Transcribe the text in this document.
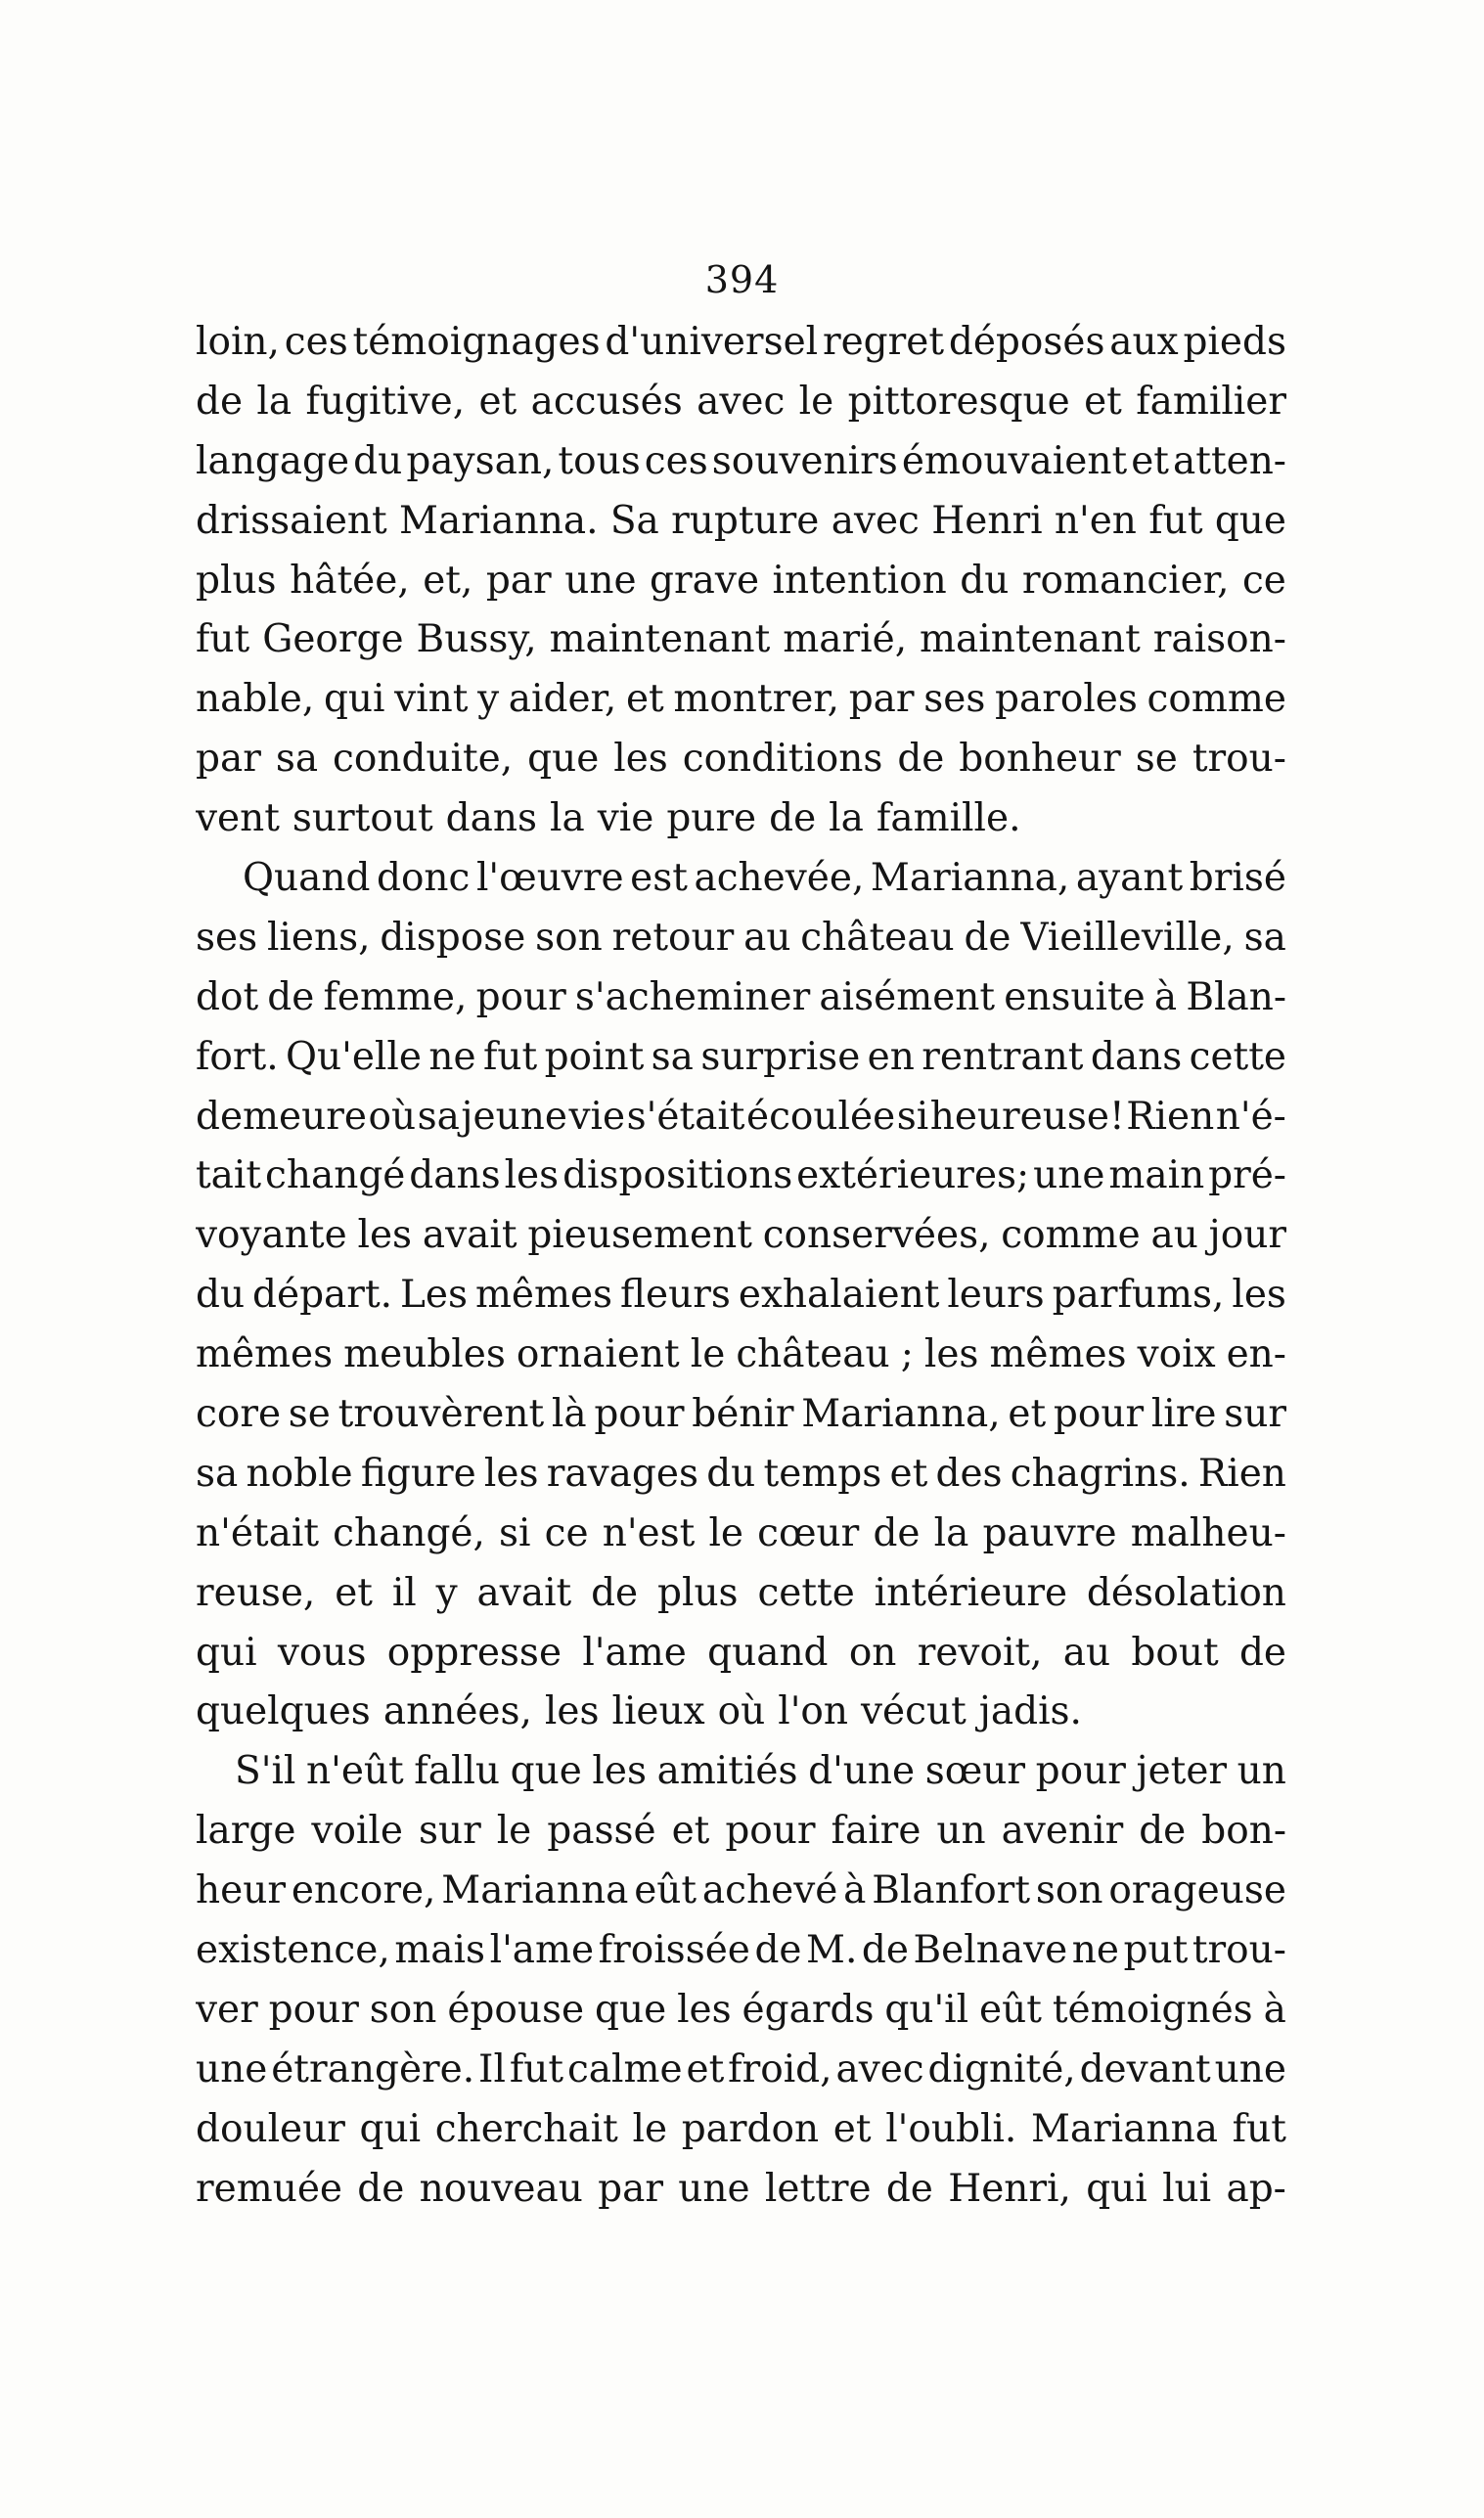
394
loin, ces témoignages d'universel regret déposés aux pieds
de la fugitive, et accusés avec le pittoresque et familier
langage du paysan, tous ces souvenirs émouvaient et atten-
drissaient Marianna. Sa rupture avec Henri n'en fut que
plus hâtée, et, par une grave intention du romancier, ce
fut George Bussy, maintenant marié, maintenant raison-
nable, qui vint y aider, et montrer, par ses paroles comme
par sa conduite, que les conditions de bonheur se trou-
vent surtout dans la vie pure de la famille.
Quand donc l'œuvre est achevée, Marianna, ayant brisé
ses liens, dispose son retour au château de Vieilleville, sa
dot de femme, pour s'acheminer aisément ensuite à Blan-
fort. Qu'elle ne fut point sa surprise en rentrant dans cette
demeure où sa jeune vie s'était écoulée si heureuse! Rien n'é-
tait changé dans les dispositions extérieures; une main pré-
voyante les avait pieusement conservées, comme au jour
du départ. Les mêmes fleurs exhalaient leurs parfums, les
mêmes meubles ornaient le château ; les mêmes voix en-
core se trouvèrent là pour bénir Marianna, et pour lire sur
sa noble figure les ravages du temps et des chagrins. Rien
n'était changé, si ce n'est le cœur de la pauvre malheu-
reuse, et il y avait de plus cette intérieure désolation
qui vous oppresse l'ame quand on revoit, au bout de
quelques années, les lieux où l'on vécut jadis.
S'il n'eût fallu que les amitiés d'une sœur pour jeter un
large voile sur le passé et pour faire un avenir de bon-
heur encore, Marianna eût achevé à Blanfort son orageuse
existence, mais l'ame froissée de M. de Belnave ne put trou-
ver pour son épouse que les égards qu'il eût témoignés à
une étrangère. Il fut calme et froid, avec dignité, devant une
douleur qui cherchait le pardon et l'oubli. Marianna fut
remuée de nouveau par une lettre de Henri, qui lui ap-
